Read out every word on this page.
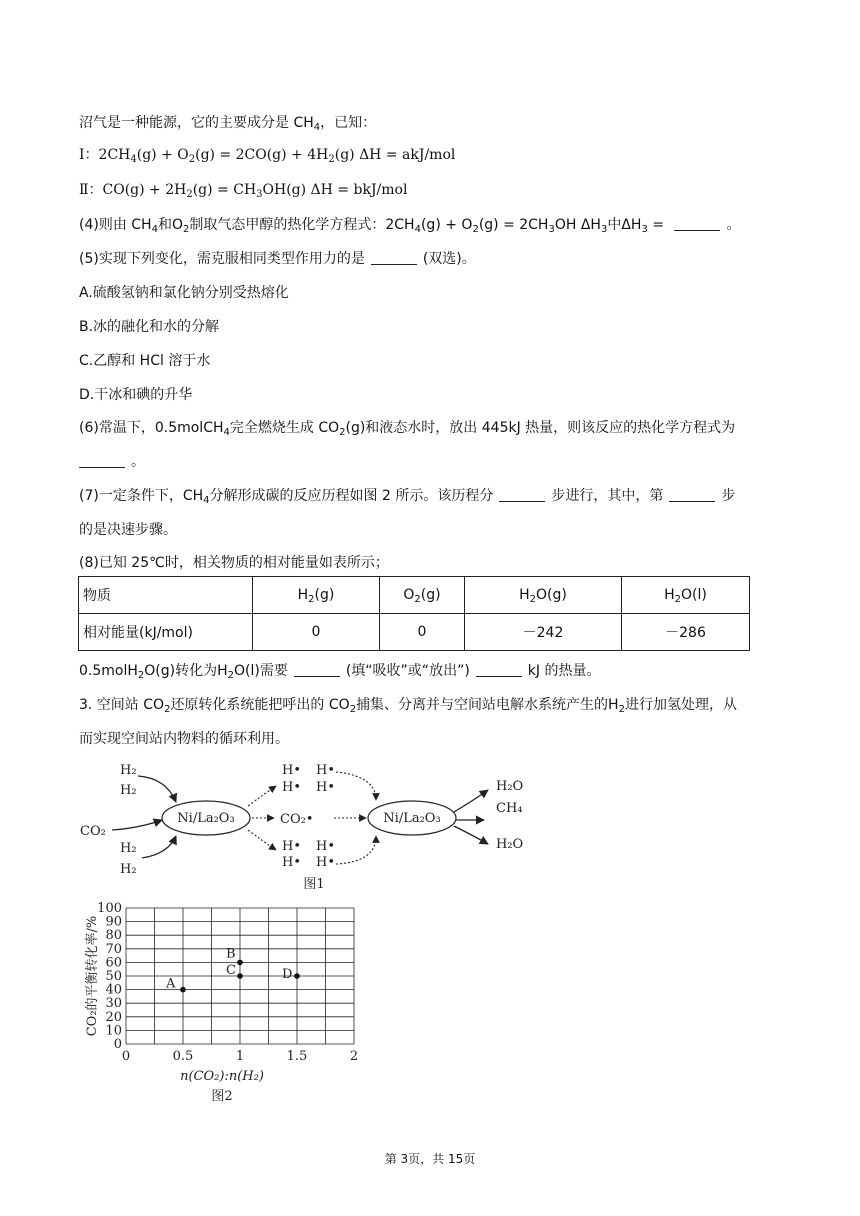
沼气是一种能源，它的主要成分是 $CH_4$，已知：
Ⅰ：$2CH_4(g) + O_2(g) = 2CO(g) + 4H_2(g) \Delta H = akJ/mol$
Ⅱ：$CO(g) + 2H_2(g) = CH_3OH(g) \Delta H = bkJ/mol$
(4)则由 $CH_4$和$O_2$制取气态甲醇的热化学方程式：$2CH_4(g) + O_2(g) = 2CH_3OH$ $\Delta H_3$中$\Delta H_3$ =	。
(5)实现下列变化，需克服相同类型作用力的是	(双选)。
A.硫酸氢钠和氯化钠分别受热熔化
B.冰的融化和水的分解
C.乙醇和 HCl 溶于水
D.干冰和碘的升华
(6)常温下，0.5molCH$_4$完全燃烧生成 $CO_2(g)$和液态水时，放出 445kJ 热量，则该反应的热化学方程式为
。
(7)一定条件下，$CH_4$分解形成碳的反应历程如图 2 所示。该历程分	步进行，其中，第	步
的是决速步骤。
(8)已知 25℃时，相关物质的相对能量如表所示；
物质	$H_2(g)$	$O_2(g)$	$H_2O(g)$	$H_2O(l)$
相对能量(kJ/mol)	0	0	－242	－286
0.5molH$_2$O(g)转化为$H_2O(l)$需要	(填“吸收”或“放出”)	kJ 的热量。
3. 空间站 $CO_2$还原转化系统能把呼出的 $CO_2$捕集、分离并与空间站电解水系统产生的$H_2$进行加氢处理，从
而实现空间站内物料的循环利用。
H₂
H₂
CO₂
H₂
H₂
Ni/La₂O₃
H•
H•
H•
H•
CO₂•
H•
H•
H•
H•
Ni/La₂O₃
H₂O
CH₄
H₂O
图1
0
10
20
30
40
50
60
70
80
90
100
0	0.5	1	1.5	2
A
B
C	D
CO₂的平衡转化率/%
n(CO₂):n(H₂)
图2
第 3页，共 15页
